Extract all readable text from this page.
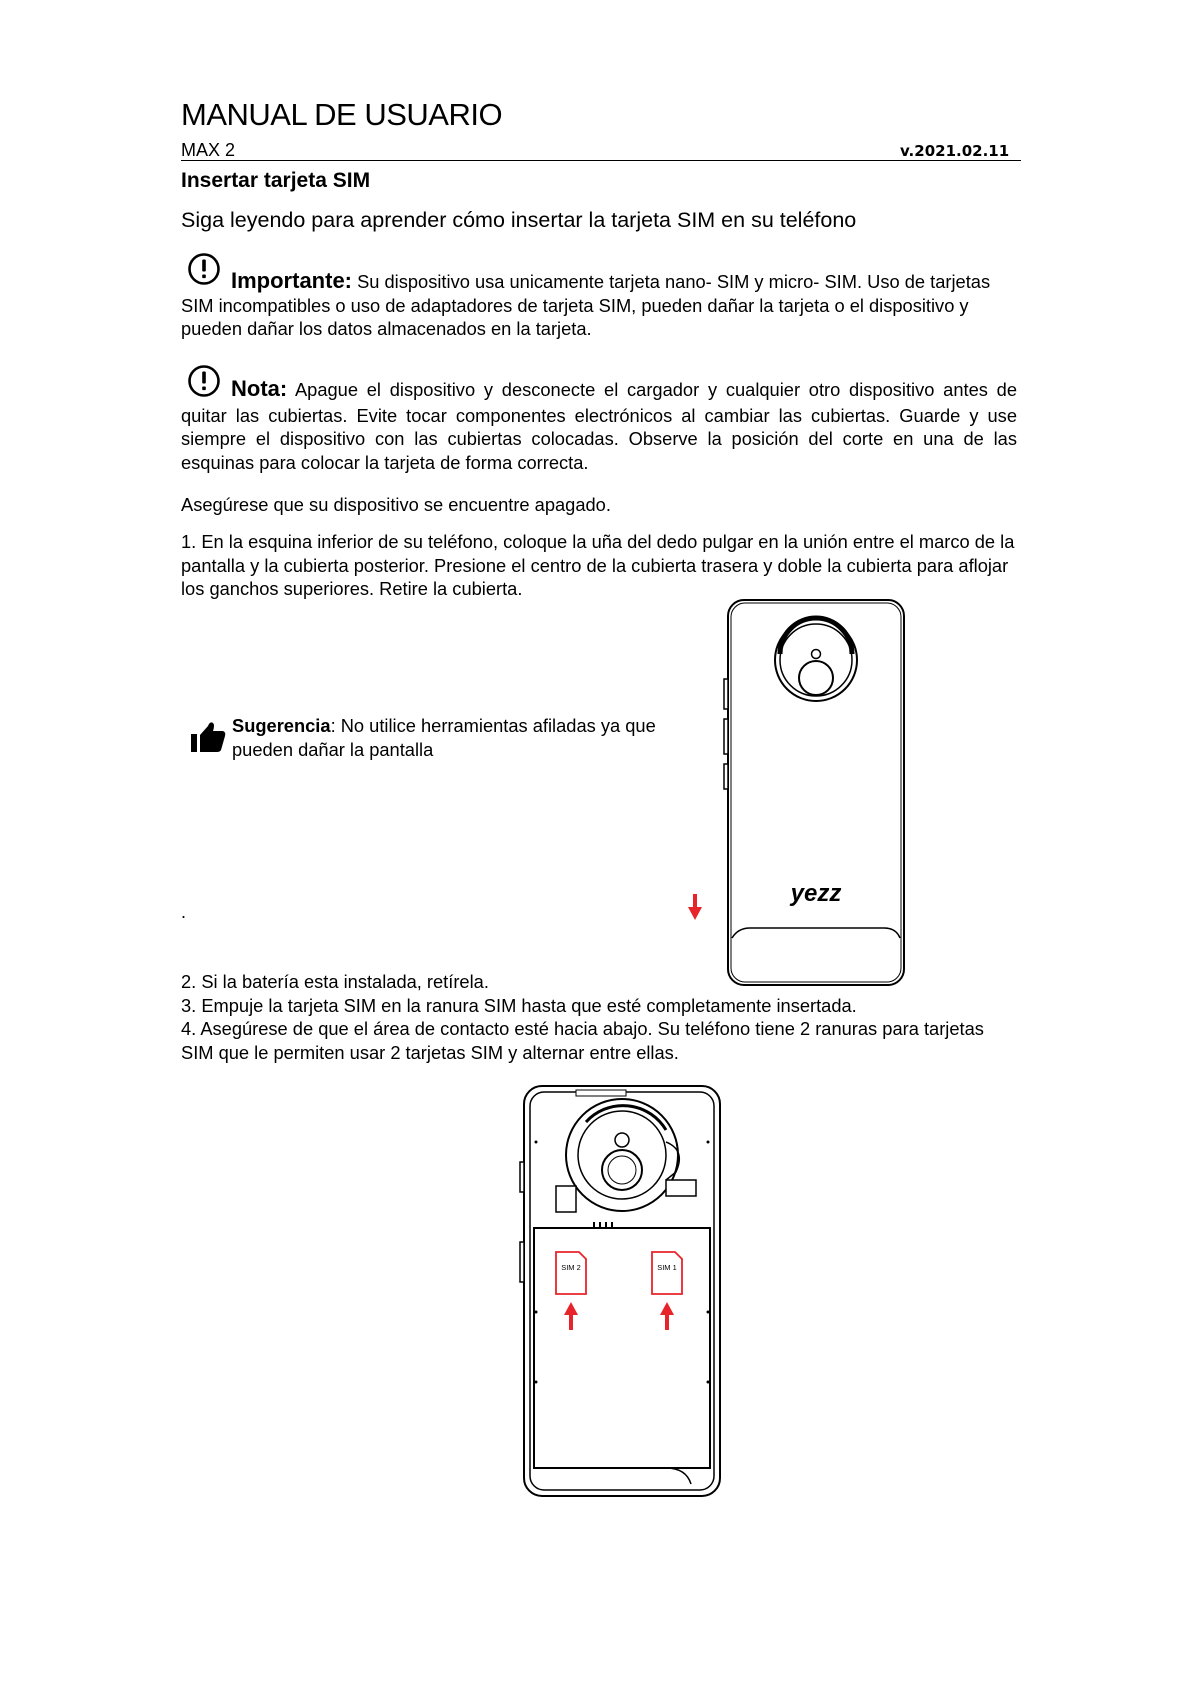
MANUAL DE USUARIO
MAX 2	v.2021.02.11
Insertar tarjeta SIM

Siga leyendo para aprender cómo insertar la tarjeta SIM en su teléfono

Importante: Su dispositivo usa unicamente tarjeta nano- SIM y micro- SIM. Uso de tarjetas SIM incompatibles o uso de adaptadores de tarjeta SIM, pueden dañar la tarjeta o el dispositivo y pueden dañar los datos almacenados en la tarjeta.

Nota: Apague el dispositivo y desconecte el cargador y cualquier otro dispositivo antes de quitar las cubiertas. Evite tocar componentes electrónicos al cambiar las cubiertas. Guarde y use siempre el dispositivo con las cubiertas colocadas. Observe la posición del corte en una de las esquinas para colocar la tarjeta de forma correcta.

Asegúrese que su dispositivo se encuentre apagado.

1. En la esquina inferior de su teléfono, coloque la uña del dedo pulgar en la unión entre el marco de la pantalla y la cubierta posterior. Presione el centro de la cubierta trasera y doble la cubierta para aflojar los ganchos superiores. Retire la cubierta.

Sugerencia: No utilice herramientas afiladas ya que pueden dañar la pantalla

.
yezz
2. Si la batería esta instalada, retírela.
3. Empuje la tarjeta SIM en la ranura SIM hasta que esté completamente insertada.
4. Asegúrese de que el área de contacto esté hacia abajo. Su teléfono tiene 2 ranuras para tarjetas SIM que le permiten usar 2 tarjetas SIM y alternar entre ellas.
SIM 2	SIM 1
